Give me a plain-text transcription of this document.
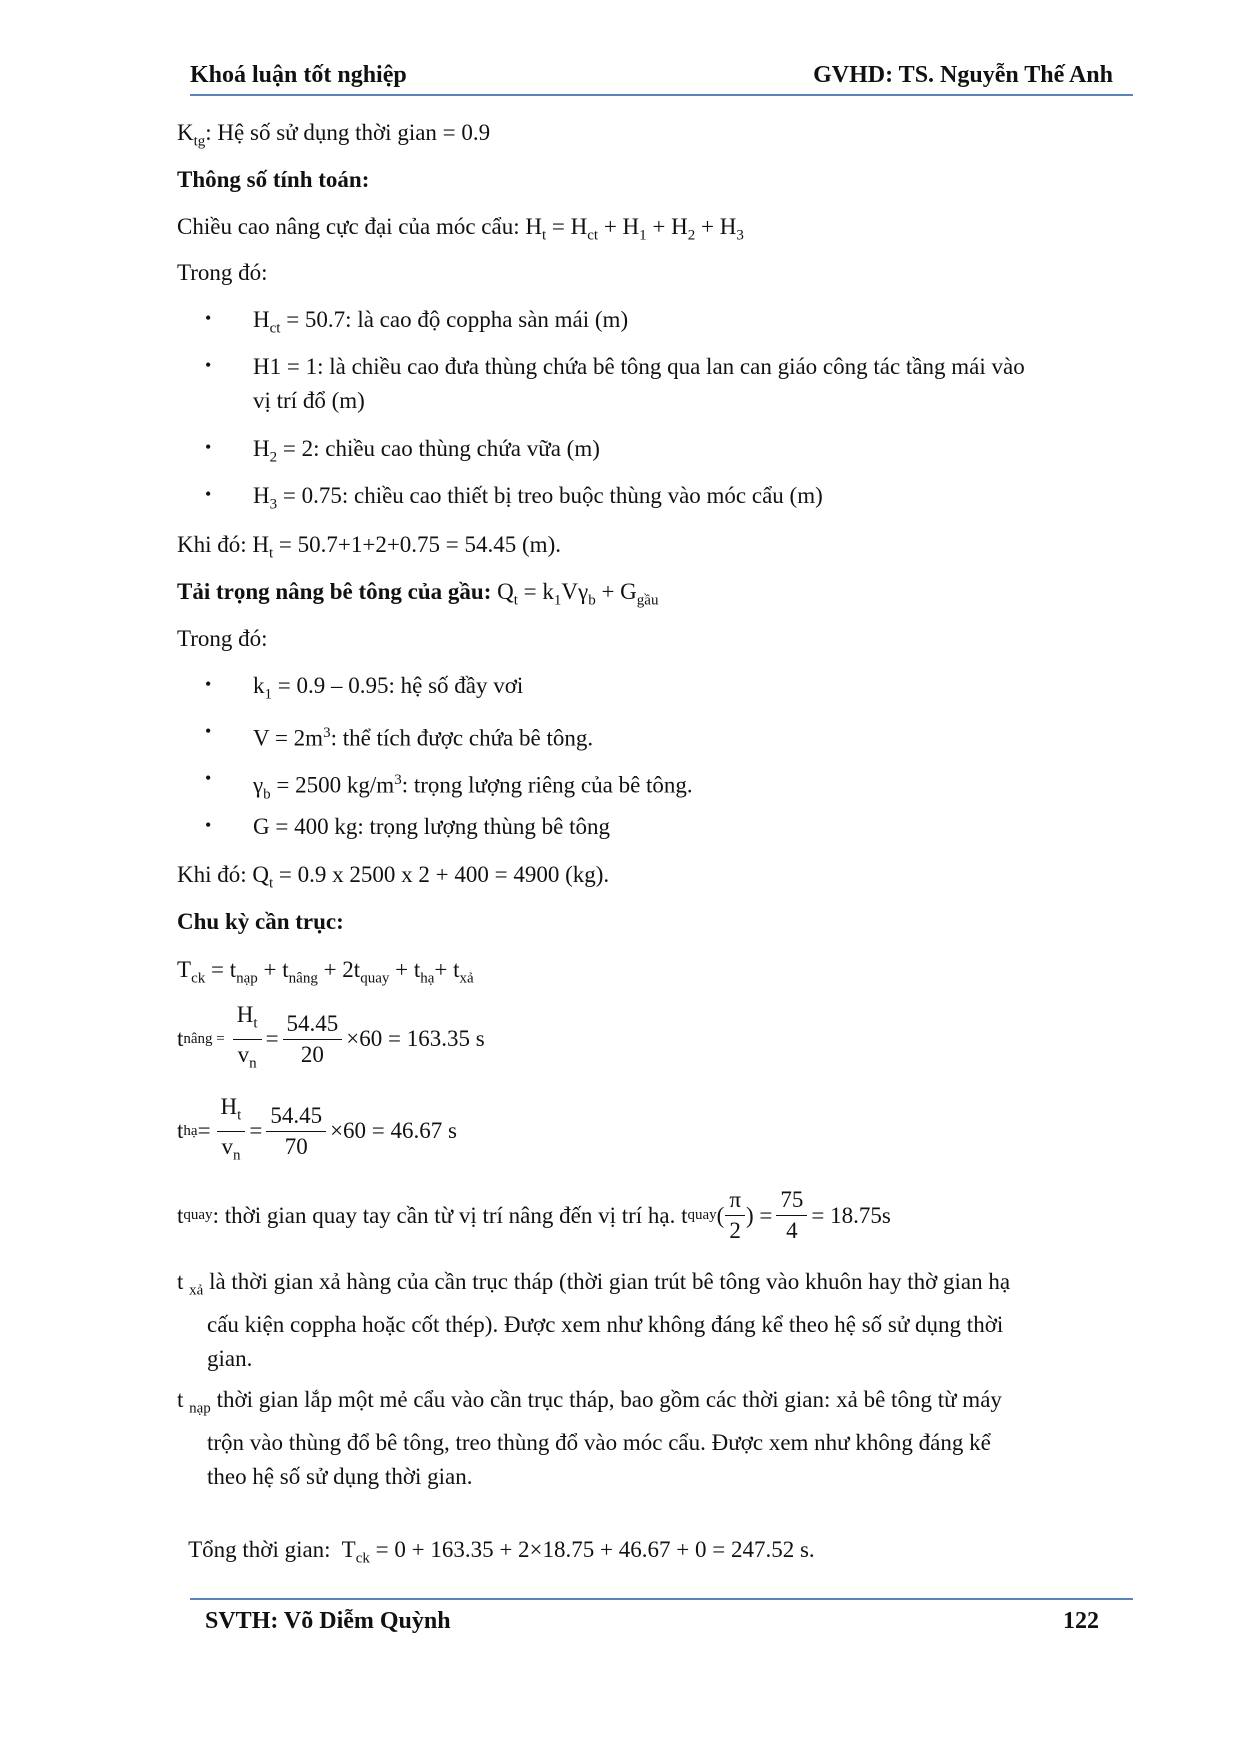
Khoá luận tốt nghiệp	GVHD: TS. Nguyễn Thế Anh
$K_{tg}$: Hệ số sử dụng thời gian = 0.9
Thông số tính toán:
Chiều cao nâng cực đại của móc cẩu: $H_t = H_{ct} + H_1 + H_2 + H_3$
Trong đó:
• $H_{ct} = 50.7$: là cao độ coppha sàn mái (m)
• H1 = 1: là chiều cao đưa thùng chứa bê tông qua lan can giáo công tác tầng mái vào
vị trí đổ (m)
• $H_2 = 2$: chiều cao thùng chứa vữa (m)
• $H_3 = 0.75$: chiều cao thiết bị treo buộc thùng vào móc cẩu (m)
Khi đó: $H_t = 50.7+1+2+0.75 = 54.45$ (m).
Tải trọng nâng bê tông của gầu: $Q_t = k_1V\gamma_b + G_{gầu}$
Trong đó:
• $k_1 = 0.9 - 0.95$: hệ số đầy vơi
• $V = 2m^3$: thể tích được chứa bê tông.
• $\gamma_b = 2500$ $kg/m^3$: trọng lượng riêng của bê tông.
• G = 400 kg: trọng lượng thùng bê tông
Khi đó: $Q_t = 0.9$ x 2500 x 2 + 400 = 4900 (kg).
Chu kỳ cần trục:
$T_{ck} = t_{nạp} + t_{nâng} + 2t_{quay} + t_{hạ}+ t_{xả}$
t nâng = $\frac{H_t}{v_n} = \frac{54.45}{20} \times 60 = 163.35$ s
t hạ = $\frac{H_t}{v_n} = \frac{54.45}{70} \times 60 = 46.67$ s
t quay : thời gian quay tay cần từ vị trí nâng đến vị trí hạ. t quay ( $\frac{\pi}{2}$ ) = $\frac{75}{4} = 18.75s$
t $_{xả}$ là thời gian xả hàng của cần trục tháp (thời gian trút bê tông vào khuôn hay thờ gian hạ
cấu kiện coppha hoặc cốt thép). Được xem như không đáng kể theo hệ số sử dụng thời
gian.
t $_{nạp}$ thời gian lắp một mẻ cẩu vào cần trục tháp, bao gồm các thời gian: xả bê tông từ máy
trộn vào thùng đổ bê tông, treo thùng đổ vào móc cẩu. Được xem như không đáng kể
theo hệ số sử dụng thời gian.

Tổng thời gian:  $T_{ck} = 0 + 163.35 + 2\times 18.75 + 46.67 + 0 = 247.52$ s.

SVTH: Võ Diễm Quỳnh	122
